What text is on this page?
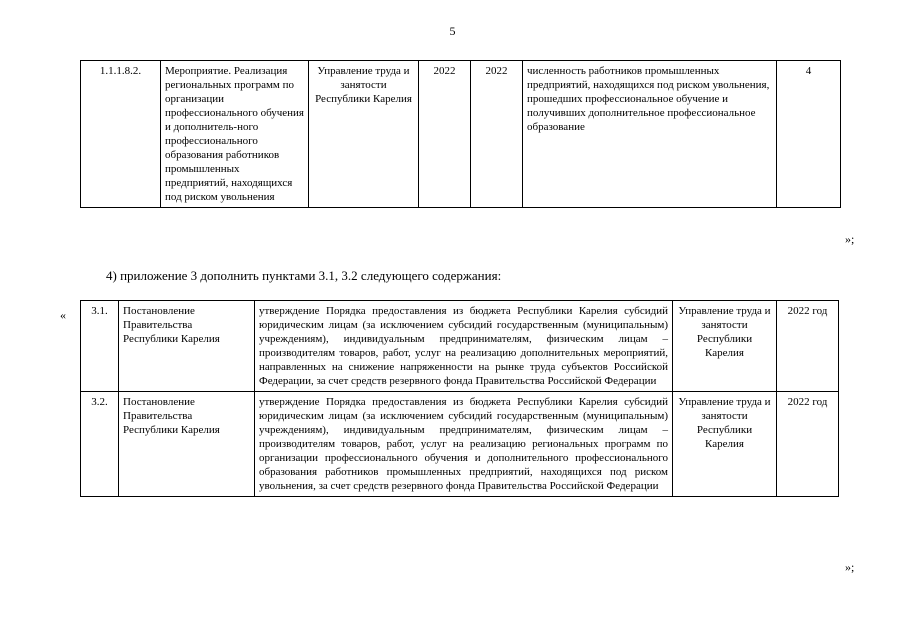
5
1.1.1.8.2.	Мероприятие. Реализация региональных программ по организации профессионального обучения и дополнитель-ного профессионального образования работников промышленных предприятий, находящихся под риском увольнения	Управление труда и занятости Республики Карелия	2022	2022	численность работников промышленных предприятий, находящихся под риском увольнения, прошедших профессиональное обучение и получивших дополнительное профессиональное образование	4
»;
4) приложение 3 дополнить пунктами 3.1, 3.2 следующего содержания:
« 3.1.	Постановление Правительства Республики Карелия	утверждение Порядка предоставления из бюджета Республики Карелия субсидий юридическим лицам (за исключением субсидий государственным (муниципальным) учреждениям), индивидуальным предпринимателям, физическим лицам – производителям товаров, работ, услуг на реализацию дополнительных мероприятий, направленных на снижение напряженности на рынке труда субъектов Российской Федерации, за счет средств резервного фонда Правительства Российской Федерации	Управление труда и занятости Республики Карелия	2022 год
3.2.	Постановление Правительства Республики Карелия	утверждение Порядка предоставления из бюджета Республики Карелия субсидий юридическим лицам (за исключением субсидий государственным (муниципальным) учреждениям), индивидуальным предпринимателям, физическим лицам – производителям товаров, работ, услуг на реализацию региональных программ по организации профессионального обучения и дополнительного профессионального образования работников промышленных предприятий, находящихся под риском увольнения, за счет средств резервного фонда Правительства Российской Федерации	Управление труда и занятости Республики Карелия	2022 год
»;
